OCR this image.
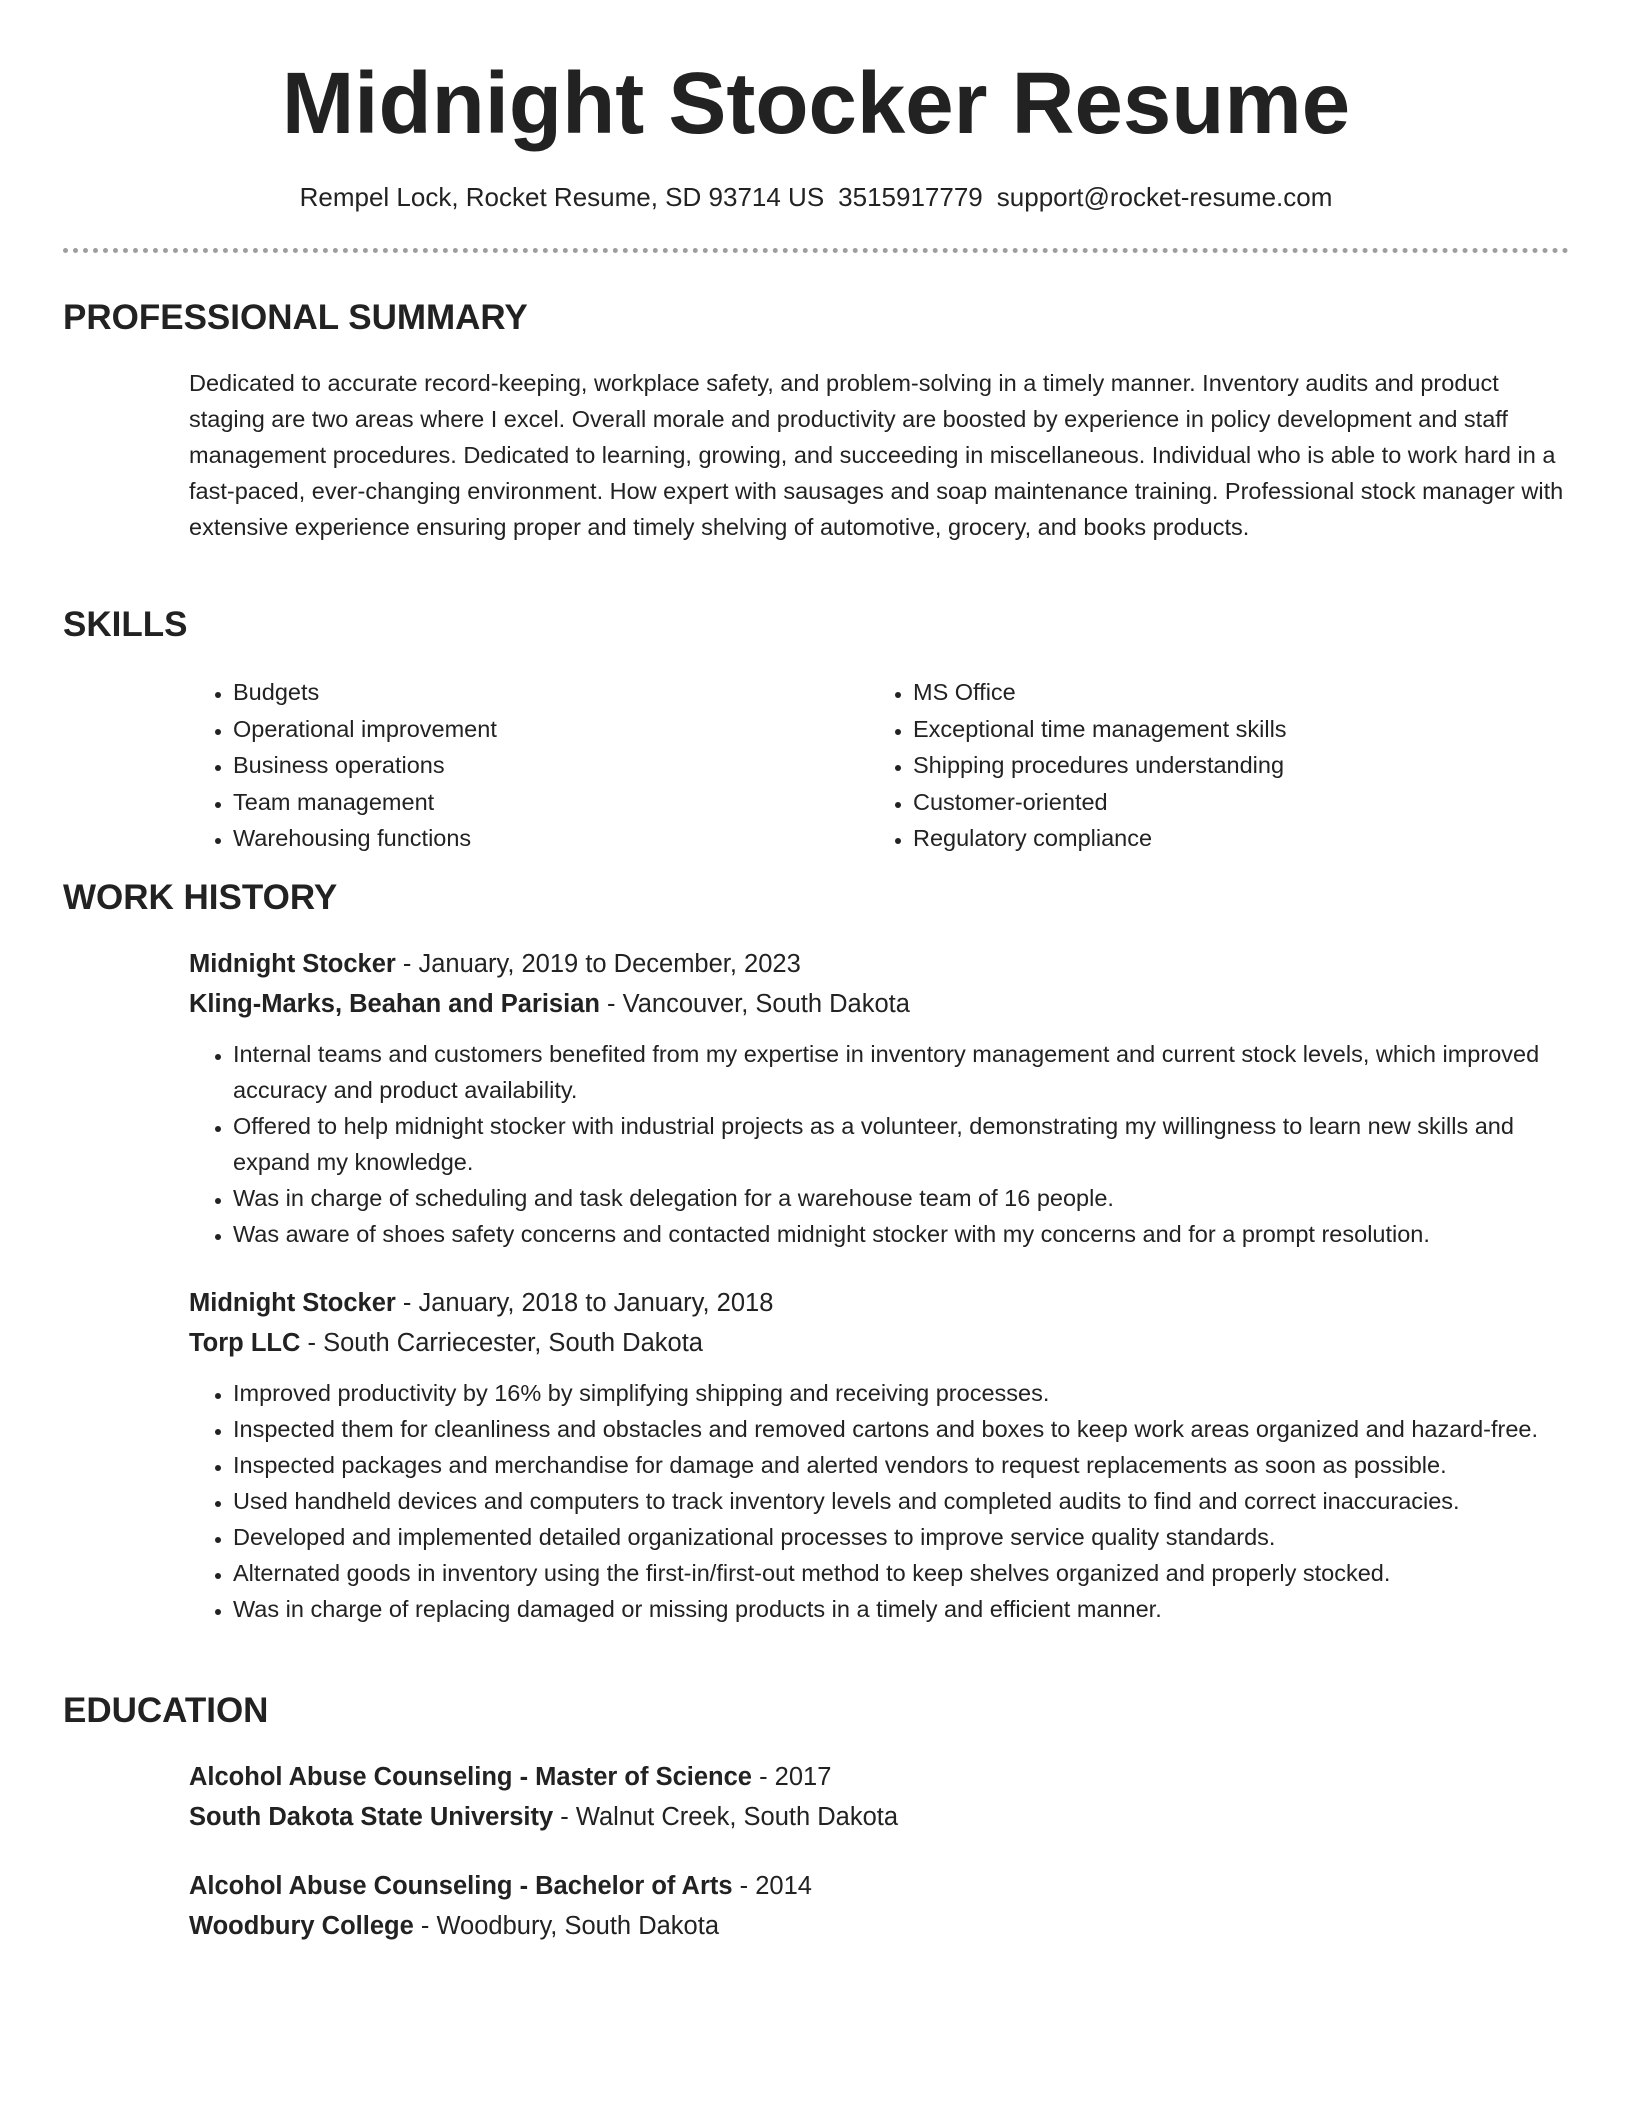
Midnight Stocker Resume
Rempel Lock, Rocket Resume, SD 93714 US 3515917779 support@rocket-resume.com
PROFESSIONAL SUMMARY

Dedicated to accurate record-keeping, workplace safety, and problem-solving in a timely manner. Inventory audits and product staging are two areas where I excel. Overall morale and productivity are boosted by experience in policy development and staff management procedures. Dedicated to learning, growing, and succeeding in miscellaneous. Individual who is able to work hard in a fast-paced, ever-changing environment. How expert with sausages and soap maintenance training. Professional stock manager with extensive experience ensuring proper and timely shelving of automotive, grocery, and books products.

SKILLS
• Budgets
• Operational improvement
• Business operations
• Team management
• Warehousing functions
• MS Office
• Exceptional time management skills
• Shipping procedures understanding
• Customer-oriented
• Regulatory compliance
WORK HISTORY
Midnight Stocker - January, 2019 to December, 2023
Kling-Marks, Beahan and Parisian - Vancouver, South Dakota
• Internal teams and customers benefited from my expertise in inventory management and current stock levels, which improved accuracy and product availability.
• Offered to help midnight stocker with industrial projects as a volunteer, demonstrating my willingness to learn new skills and expand my knowledge.
• Was in charge of scheduling and task delegation for a warehouse team of 16 people.
• Was aware of shoes safety concerns and contacted midnight stocker with my concerns and for a prompt resolution.
Midnight Stocker - January, 2018 to January, 2018
Torp LLC - South Carriecester, South Dakota
• Improved productivity by 16% by simplifying shipping and receiving processes.
• Inspected them for cleanliness and obstacles and removed cartons and boxes to keep work areas organized and hazard-free.
• Inspected packages and merchandise for damage and alerted vendors to request replacements as soon as possible.
• Used handheld devices and computers to track inventory levels and completed audits to find and correct inaccuracies.
• Developed and implemented detailed organizational processes to improve service quality standards.
• Alternated goods in inventory using the first-in/first-out method to keep shelves organized and properly stocked.
• Was in charge of replacing damaged or missing products in a timely and efficient manner.
EDUCATION
Alcohol Abuse Counseling - Master of Science - 2017
South Dakota State University - Walnut Creek, South Dakota
Alcohol Abuse Counseling - Bachelor of Arts - 2014
Woodbury College - Woodbury, South Dakota
